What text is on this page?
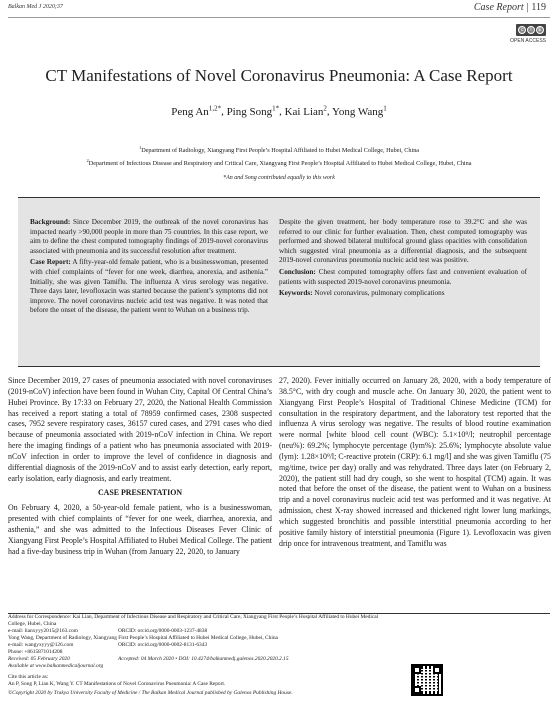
Balkan Med J 2020;37	Case Report | 119
c	i	$
OPEN ACCESS
CT Manifestations of Novel Coronavirus Pneumonia: A Case Report
Peng $An^{1,2*}$, Ping Song$^{1*}$, Kai Lian$^2$, Yong Wang$^1$
$^1$Department of Radiology, Xiangyang First People’s Hospital Affiliated to Hubei Medical College, Hubei, China
$^2$Department of Infectious Disease and Respiratory and Critical Care, Xiangyang First People’s Hospital Affiliated to Hubei Medical College, Hubei, China
*An and Song contributed equally to this work

Background: Since December 2019, the outbreak of the novel coronavirus has impacted nearly >90,000 people in more than 75 countries. In this case report, we aim to define the chest computed tomography findings of 2019-novel coronavirus associated with pneumonia and its successful resolution after treatment.

Case Report: A fifty-year-old female patient, who is a businesswoman, presented with chief complaints of “fever for one week, diarrhea, anorexia, and asthenia.” Initially, she was given Tamiflu. The influenza A virus serology was negative. Three days later, levofloxacin was started because the patient’s symptoms did not improve. The novel coronavirus nucleic acid test was negative. It was noted that before the onset of the disease, the patient went to Wuhan on a business trip.

Despite the given treatment, her body temperature rose to 39.2°C and she was referred to our clinic for further evaluation. Then, chest computed tomography was performed and showed bilateral multifocal ground glass opacities with consolidation which suggested viral pneumonia as a differential diagnosis, and the subsequent 2019-novel coronavirus pneumonia nucleic acid test was positive.

Conclusion: Chest computed tomography offers fast and convenient evaluation of patients with suspected 2019-novel coronavirus pneumonia.

Keywords: Novel coronavirus, pulmonary complications

Since December 2019, 27 cases of pneumonia associated with novel coronaviruses (2019-nCoV) infection have been found in Wuhan City, Capital Of Central China’s Hubei Province. By 17:33 on February 27, 2020, the National Health Commission has received a report stating a total of 78959 confirmed cases, 2308 suspected cases, 7952 severe respiratory cases, 36157 cured cases, and 2791 cases who died because of pneumonia associated with 2019-nCoV infection in China. We report here the imaging findings of a patient who has pneumonia associated with 2019-nCoV infection in order to improve the level of confidence in diagnosis and differential diagnosis of the 2019-nCoV and to assist early detection, early report, early isolation, early diagnosis, and early treatment.

CASE PRESENTATION

On February 4, 2020, a 50-year-old female patient, who is a businesswoman, presented with chief complaints of “fever for one week, diarrhea, anorexia, and asthenia,” and she was admitted to the Infectious Diseases Fever Clinic of Xiangyang First People’s Hospital Affiliated to Hubei Medical College. The patient had a five-day business trip in Wuhan (from January 22, 2020, to January

27, 2020). Fever initially occurred on January 28, 2020, with a body temperature of 38.5°C, with dry cough and muscle ache. On January 30, 2020, the patient went to Xiangyang First People’s Hospital of Traditional Chinese Medicine (TCM) for consultation in the respiratory department, and the laboratory test reported that the influenza A virus serology was negative. The results of blood routine examination were normal [white blood cell count (WBC): 5.1×10⁹/l; neutrophil percentage (neu%): 69.2%; lymphocyte percentage (lym%): 25.6%; lymphocyte absolute value (lym): 1.28×10⁹/l; C-reactive protein (CRP): 6.1 mg/l] and she was given Tamiflu (75 mg/time, twice per day) orally and was rehydrated. Three days later (on February 2, 2020), the patient still had dry cough, so she went to hospital (TCM) again. It was noted that before the onset of the disease, the patient went to Wuhan on a business trip and a novel coronavirus nucleic acid test was performed and it was negative. At admission, chest X-ray showed increased and thickened right lower lung markings, which suggested bronchitis and possible interstitial pneumonia according to her positive family history of interstitial pneumonia (Figure 1). Levofloxacin was given drip once for intravenous treatment, and Tamiflu was

Address for Correspondence: Kai Lian, Department of Infectious Disease and Respiratory and Critical Care, Xiangyang First People’s Hospital Affiliated to Hubei Medical
College, Hubei, China
e-mail: lianxyyy2015@163.com	ORCID: orcid.org/0000-0003-1237-4838
Yong Wang, Department of Radiology, Xiangyang First People’s Hospital Affiliated to Hubei Medical College, Hubei, China
e-mail: wangyxyyy@126.com	ORCID: orcid.org/0000-0002-8131-6343
Phone: +8615871014208
Received: 05 February 2020	Accepted: 04 March 2020 • DOI: 10.4274/balkanmedj.galenos.2020.2020.2.15
Available at www.balkanmedicaljournal.org
Cite this article as:
An P, Song P, Lian K, Wang Y. CT Manifestations of Novel Coronavirus Pneumonia: A Case Report.
©Copyright 2020 by Trakya University Faculty of Medicine / The Balkan Medical Journal published by Galenos Publishing House.
